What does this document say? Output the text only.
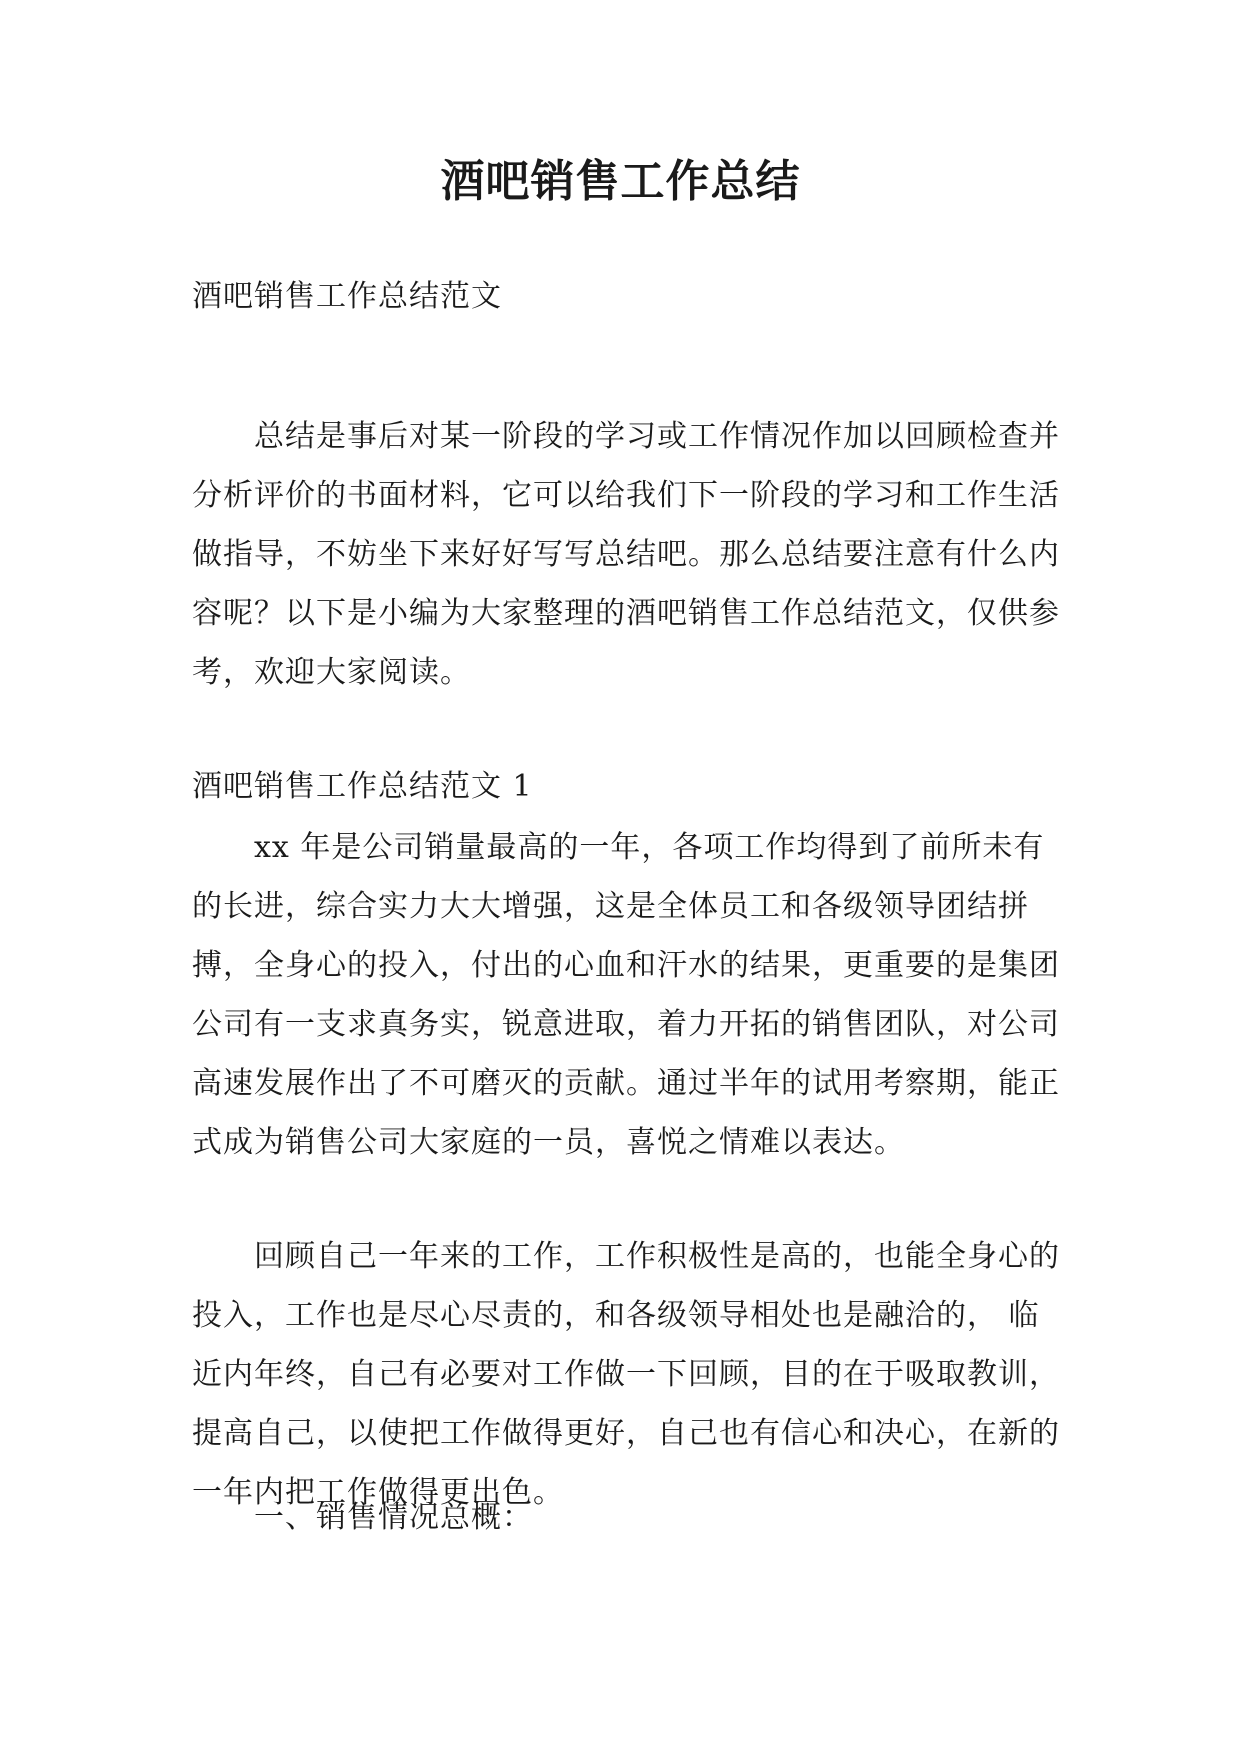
酒吧销售工作总结

酒吧销售工作总结范文

总结是事后对某一阶段的学习或工作情况作加以回顾检查并分析评价的书面材料，它可以给我们下一阶段的学习和工作生活做指导，不妨坐下来好好写写总结吧。那么总结要注意有什么内容呢？以下是小编为大家整理的酒吧销售工作总结范文，仅供参考，欢迎大家阅读。

酒吧销售工作总结范文 1

xx 年是公司销量最高的一年，各项工作均得到了前所未有的长进，综合实力大大增强，这是全体员工和各级领导团结拼搏，全身心的投入，付出的心血和汗水的结果，更重要的是集团公司有一支求真务实，锐意进取，着力开拓的销售团队，对公司高速发展作出了不可磨灭的贡献。通过半年的试用考察期，能正式成为销售公司大家庭的一员，喜悦之情难以表达。

回顾自己一年来的工作，工作积极性是高的，也能全身心的投入，工作也是尽心尽责的，和各级领导相处也是融洽的， 临近内年终，自己有必要对工作做一下回顾，目的在于吸取教训，提高自己，以使把工作做得更好，自己也有信心和决心，在新的一年内把工作做得更出色。

一、销售情况总概：
